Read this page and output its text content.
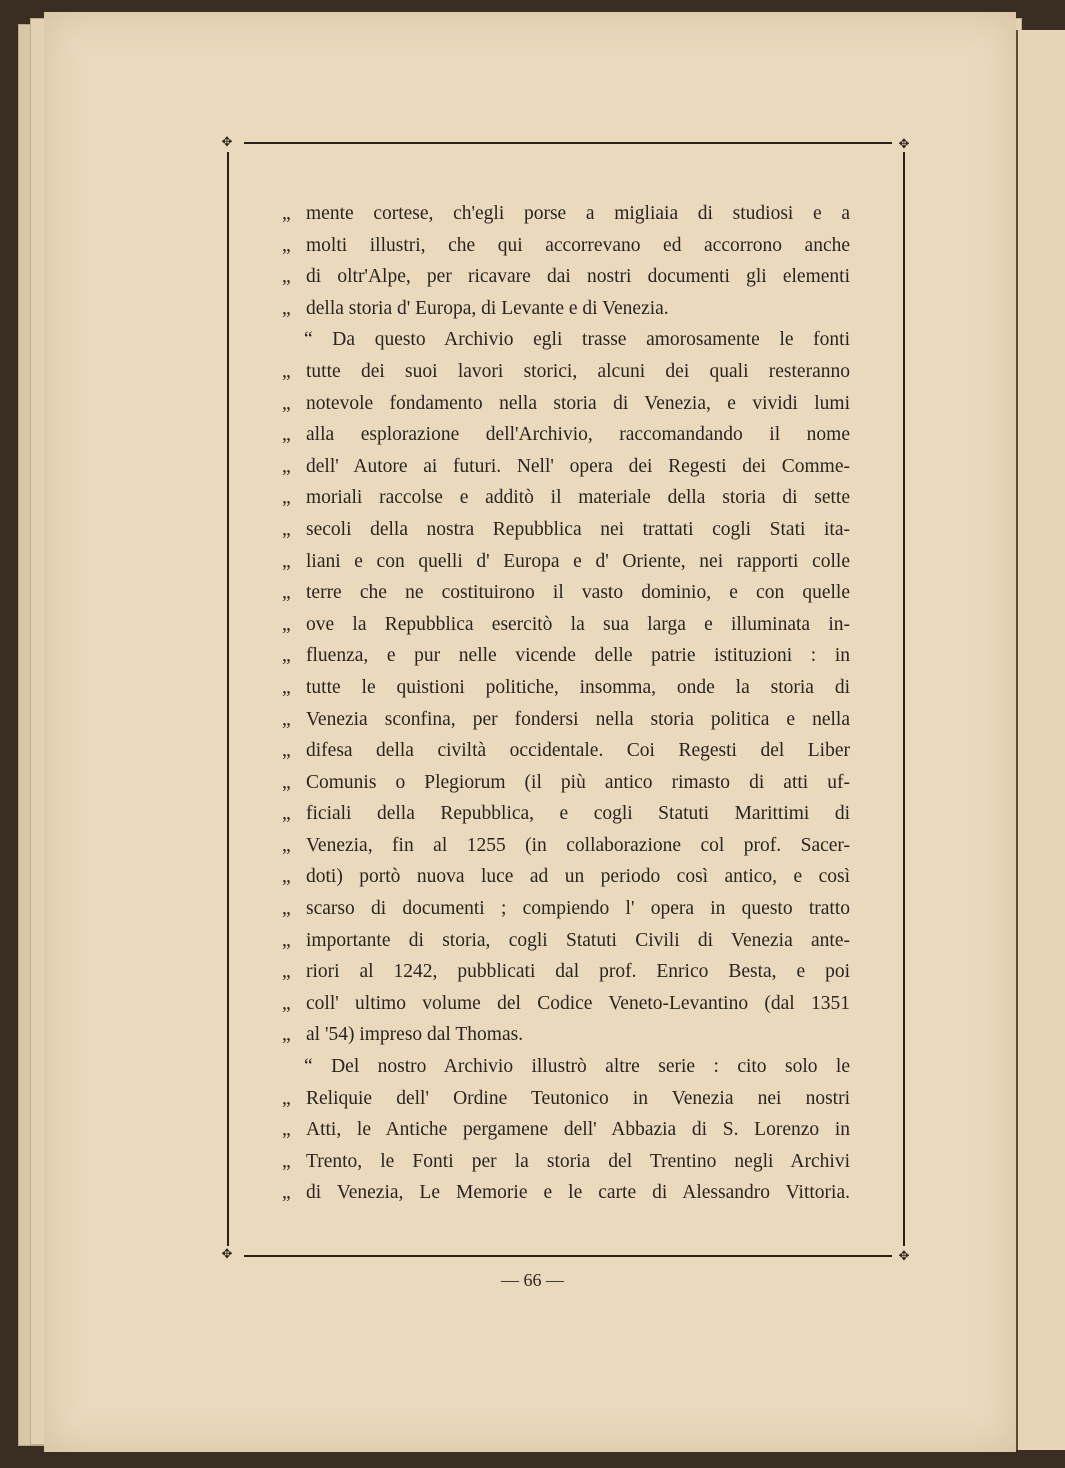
✥	✥
✥	✥
„ mente cortese, ch'egli porse a migliaia di studiosi e a
„ molti illustri, che qui accorrevano ed accorrono anche
„ di oltr'Alpe, per ricavare dai nostri documenti gli elementi
„ della storia d' Europa, di Levante e di Venezia.
“ Da questo Archivio egli trasse amorosamente le fonti
„ tutte dei suoi lavori storici, alcuni dei quali resteranno
„ notevole fondamento nella storia di Venezia, e vividi lumi
„ alla esplorazione dell'Archivio, raccomandando il nome
„ dell' Autore ai futuri. Nell' opera dei Regesti dei Comme-
„ moriali raccolse e additò il materiale della storia di sette
„ secoli della nostra Repubblica nei trattati cogli Stati ita-
„ liani e con quelli d' Europa e d' Oriente, nei rapporti colle
„ terre che ne costituirono il vasto dominio, e con quelle
„ ove la Repubblica esercitò la sua larga e illuminata in-
„ fluenza, e pur nelle vicende delle patrie istituzioni : in
„ tutte le quistioni politiche, insomma, onde la storia di
„ Venezia sconfina, per fondersi nella storia politica e nella
„ difesa della civiltà occidentale. Coi Regesti del Liber
„ Comunis o Plegiorum (il più antico rimasto di atti uf-
„ ficiali della Repubblica, e cogli Statuti Marittimi di
„ Venezia, fin al 1255 (in collaborazione col prof. Sacer-
„ doti) portò nuova luce ad un periodo così antico, e così
„ scarso di documenti ; compiendo l' opera in questo tratto
„ importante di storia, cogli Statuti Civili di Venezia ante-
„ riori al 1242, pubblicati dal prof. Enrico Besta, e poi
„ coll' ultimo volume del Codice Veneto-Levantino (dal 1351
„ al '54) impreso dal Thomas.
“ Del nostro Archivio illustrò altre serie : cito solo le
„ Reliquie dell' Ordine Teutonico in Venezia nei nostri
„ Atti, le Antiche pergamene dell' Abbazia di S. Lorenzo in
„ Trento, le Fonti per la storia del Trentino negli Archivi
„ di Venezia, Le Memorie e le carte di Alessandro Vittoria.
— 66 —
